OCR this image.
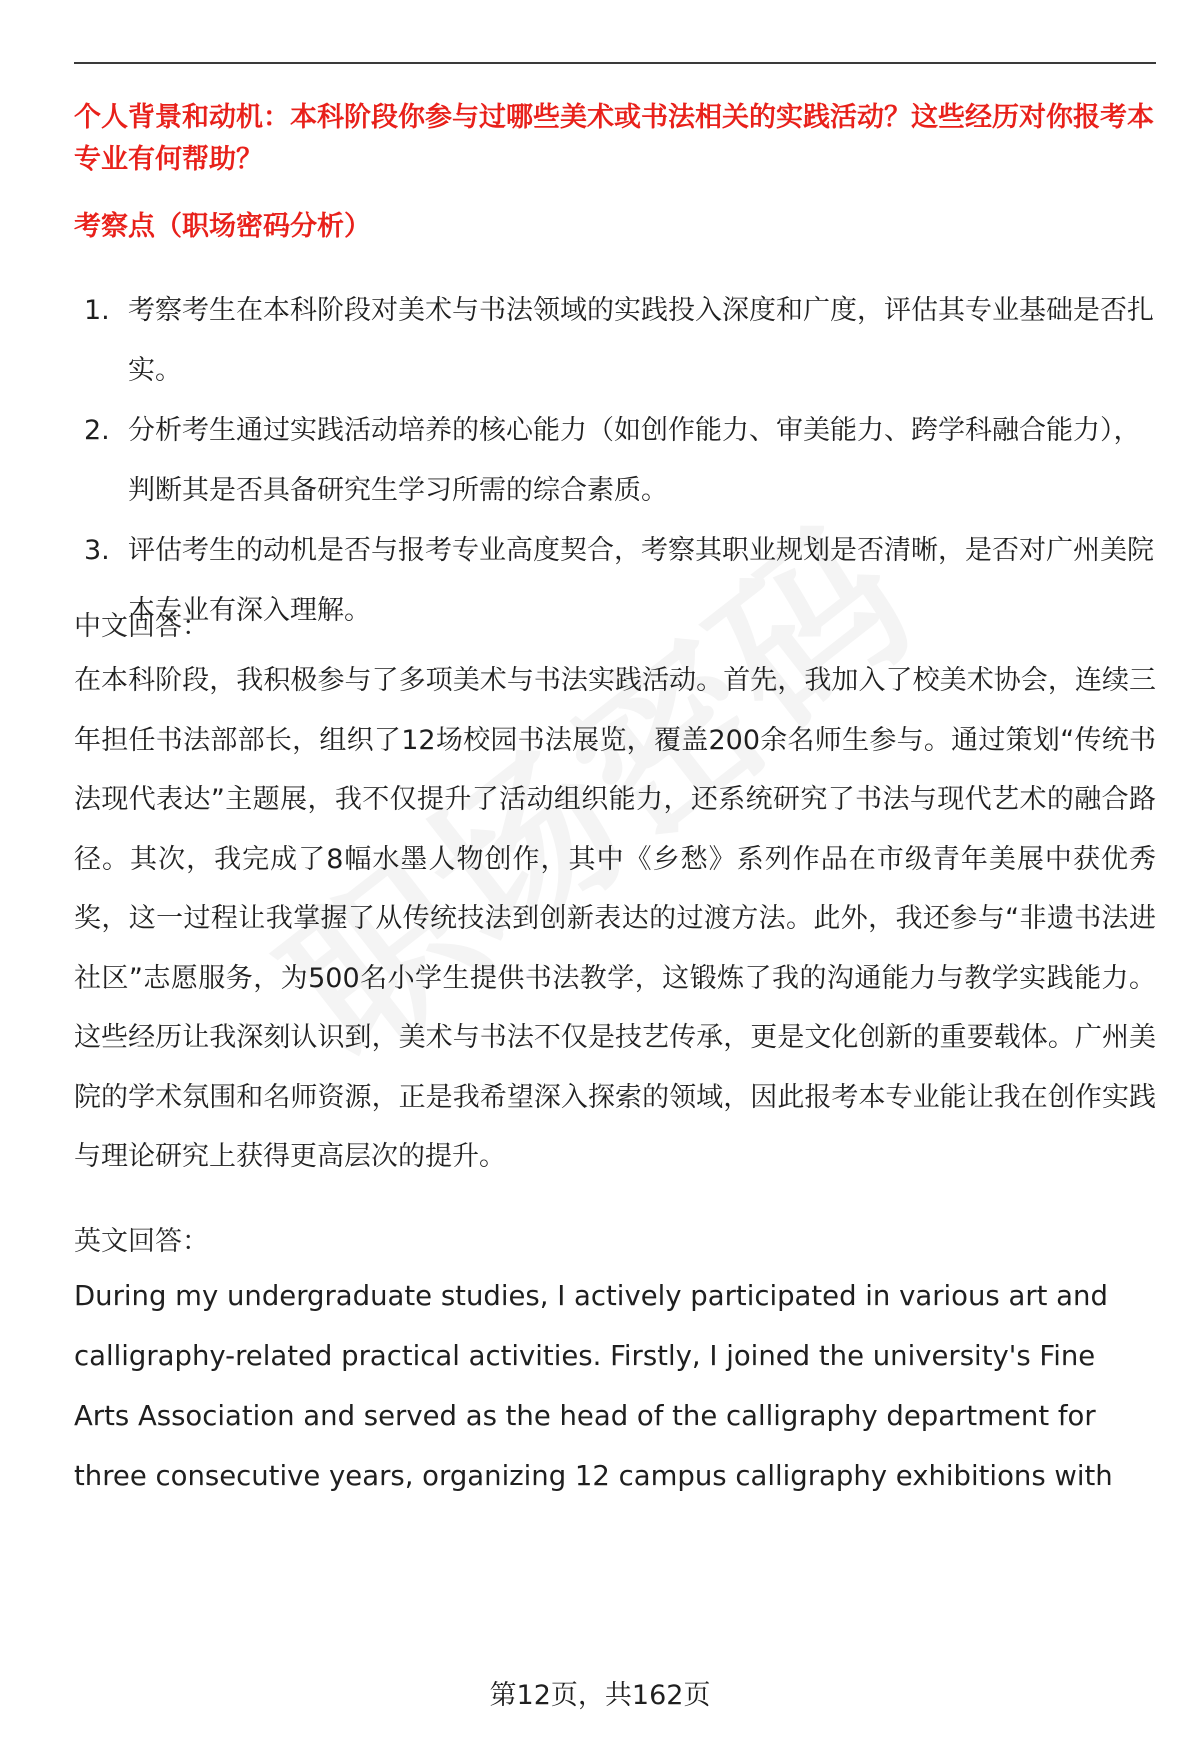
个人背景和动机：本科阶段你参与过哪些美术或书法相关的实践活动？这些经历对你报考本专业有何帮助？
考察点（职场密码分析）
1. 考察考生在本科阶段对美术与书法领域的实践投入深度和广度，评估其专业基础是否扎实。
2. 分析考生通过实践活动培养的核心能力（如创作能力、审美能力、跨学科融合能力），判断其是否具备研究生学习所需的综合素质。
3. 评估考生的动机是否与报考专业高度契合，考察其职业规划是否清晰，是否对广州美院本专业有深入理解。
中文回答：

在本科阶段，我积极参与了多项美术与书法实践活动。首先，我加入了校美术协会，连续三年担任书法部部长，组织了12场校园书法展览，覆盖200余名师生参与。通过策划“传统书法现代表达”主题展，我不仅提升了活动组织能力，还系统研究了书法与现代艺术的融合路径。其次，我完成了8幅水墨人物创作，其中《乡愁》系列作品在市级青年美展中获优秀奖，这一过程让我掌握了从传统技法到创新表达的过渡方法。此外，我还参与“非遗书法进社区”志愿服务，为500名小学生提供书法教学，这锻炼了我的沟通能力与教学实践能力。这些经历让我深刻认识到，美术与书法不仅是技艺传承，更是文化创新的重要载体。广州美院的学术氛围和名师资源，正是我希望深入探索的领域，因此报考本专业能让我在创作实践与理论研究上获得更高层次的提升。

英文回答：

During my undergraduate studies, I actively participated in various art and calligraphy-related practical activities. Firstly, I joined the university's Fine Arts Association and served as the head of the calligraphy department for three consecutive years, organizing 12 campus calligraphy exhibitions with

第12页，共162页
